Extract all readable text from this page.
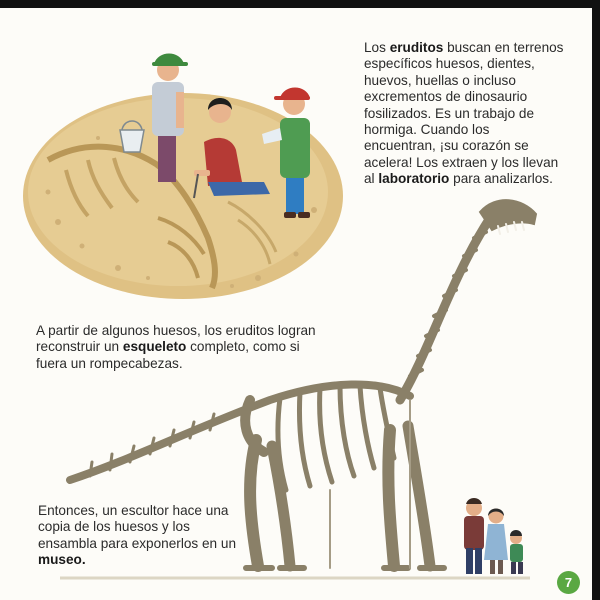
Los eruditos buscan en terrenos específicos huesos, dientes, huevos, huellas o incluso excrementos de dinosaurio fosilizados. Es un trabajo de hormiga. Cuando los encuentran, ¡su corazón se acelera! Los extraen y los llevan al laboratorio para analizarlos.

A partir de algunos huesos, los eruditos logran reconstruir un esqueleto completo, como si fuera un rompecabezas.

Entonces, un escultor hace una copia de los huesos y los ensambla para exponerlos en un museo.

7
